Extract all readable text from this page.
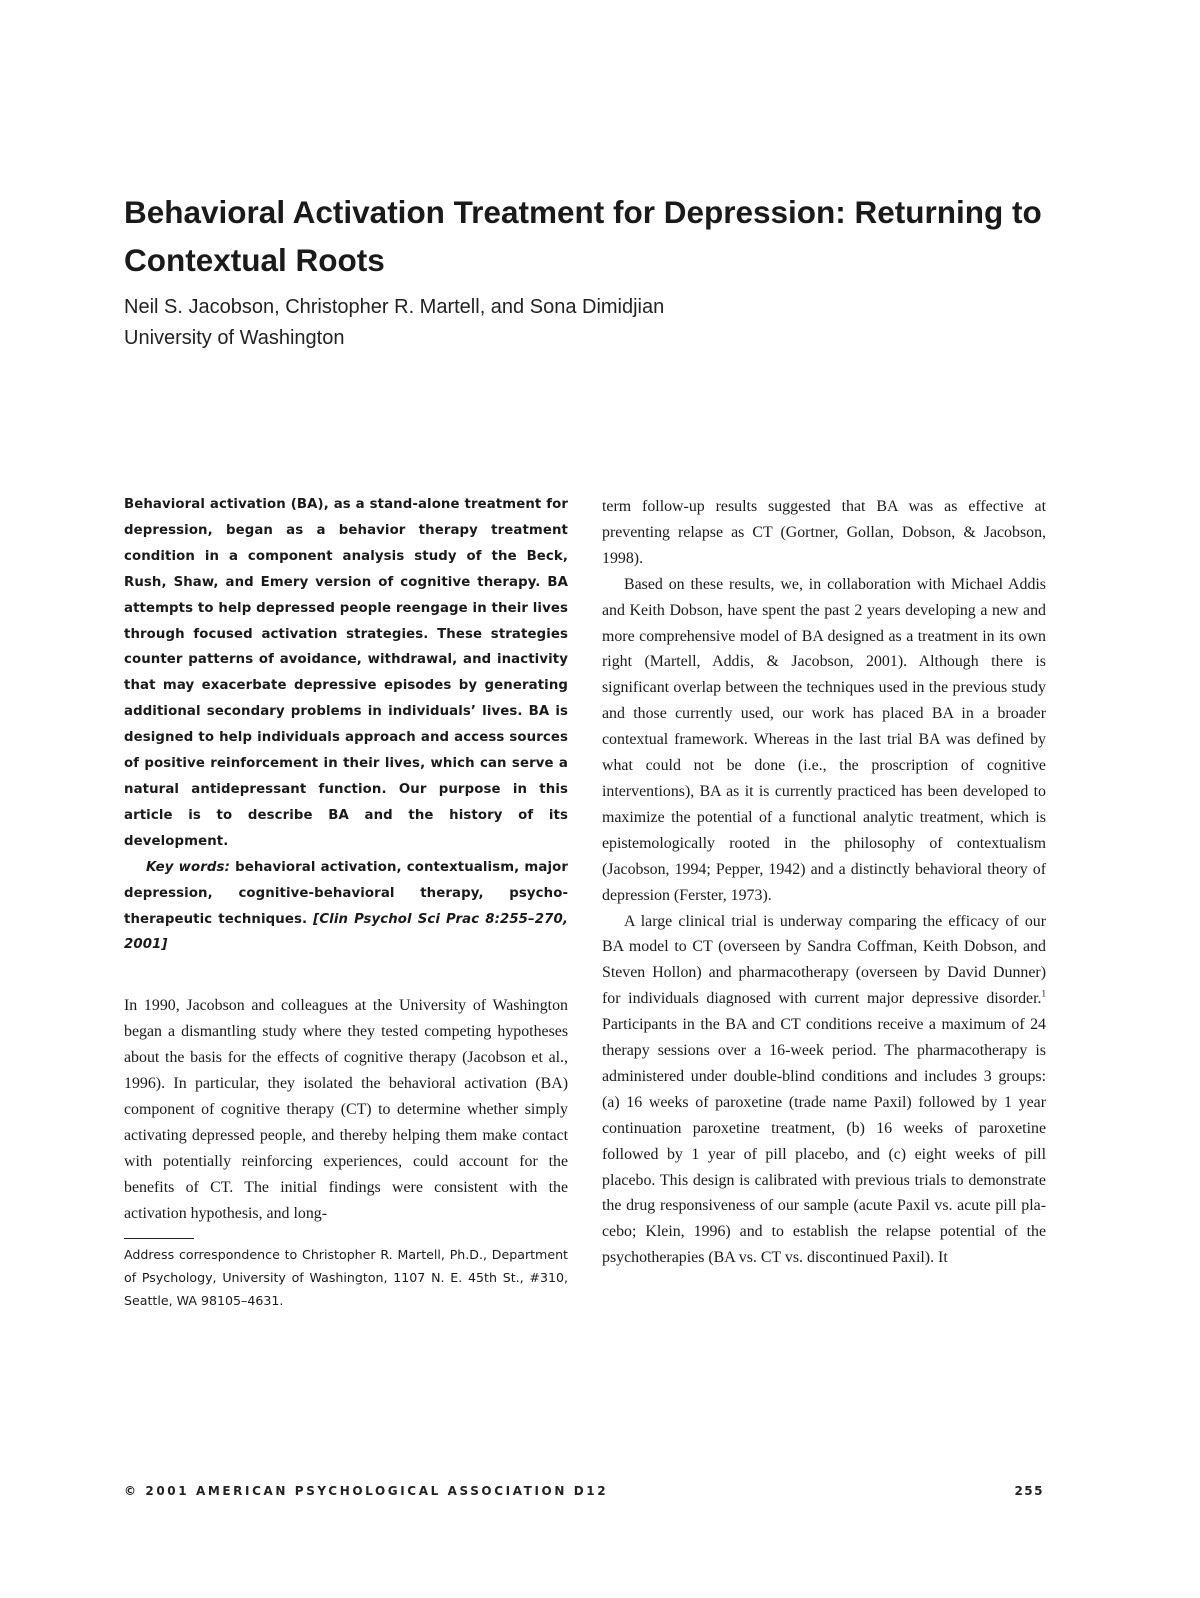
Behavioral Activation Treatment for Depression: Returning to Contextual Roots
Neil S. Jacobson, Christopher R. Martell, and Sona Dimidjian
University of Washington

Behavioral activation (BA), as a stand-alone treatment for depression, began as a behavior therapy treatment condition in a component analysis study of the Beck, Rush, Shaw, and Emery version of cognitive therapy. BA attempts to help depressed people reengage in their lives through focused activation strategies. These strategies counter patterns of avoidance, withdrawal, and inactivity that may exacerbate depressive episodes by generating additional secondary problems in individuals’ lives. BA is designed to help individuals approach and access sources of positive reinforcement in their lives, which can serve a natural antidepressant function. Our purpose in this article is to describe BA and the history of its development.

Key words: behavioral activation, contextualism, major depression, cognitive-behavioral therapy, psychotherapeutic techniques. [Clin Psychol Sci Prac 8:255–270, 2001]

In 1990, Jacobson and colleagues at the University of Washington began a dismantling study where they tested competing hypotheses about the basis for the effects of cognitive therapy (Jacobson et al., 1996). In particular, they isolated the behavioral activation (BA) component of cognitive therapy (CT) to determine whether simply activating depressed people, and thereby helping them make contact with potentially reinforcing experiences, could account for the benefits of CT. The initial findings were consistent with the activation hypothesis, and long-

Address correspondence to Christopher R. Martell, Ph.D., Department of Psychology, University of Washington, 1107 N. E. 45th St., #310, Seattle, WA 98105–4631.

term follow-up results suggested that BA was as effective at preventing relapse as CT (Gortner, Gollan, Dobson, & Jacobson, 1998).

Based on these results, we, in collaboration with Michael Addis and Keith Dobson, have spent the past 2 years developing a new and more comprehensive model of BA designed as a treatment in its own right (Martell, Addis, & Jacobson, 2001). Although there is significant overlap between the techniques used in the previous study and those currently used, our work has placed BA in a broader contextual framework. Whereas in the last trial BA was defined by what could not be done (i.e., the proscription of cognitive interventions), BA as it is currently practiced has been developed to maximize the potential of a functional analytic treatment, which is epistemologically rooted in the philosophy of contextualism (Jacobson, 1994; Pepper, 1942) and a distinctly behavioral theory of depression (Ferster, 1973).

A large clinical trial is underway comparing the efficacy of our BA model to CT (overseen by Sandra Coffman, Keith Dobson, and Steven Hollon) and pharmacotherapy (overseen by David Dunner) for individuals diagnosed with current major depressive disorder.$^1$ Participants in the BA and CT conditions receive a maximum of 24 therapy sessions over a 16-week period. The pharmacotherapy is administered under double-blind conditions and includes 3 groups: (a) 16 weeks of paroxetine (trade name Paxil) followed by 1 year continuation paroxetine treatment, (b) 16 weeks of paroxetine followed by 1 year of pill placebo, and (c) eight weeks of pill placebo. This design is calibrated with previous trials to demonstrate the drug responsiveness of our sample (acute Paxil vs. acute pill placebo; Klein, 1996) and to establish the relapse potential of the psychotherapies (BA vs. CT vs. discontinued Paxil). It

© 2001 AMERICAN PSYCHOLOGICAL ASSOCIATION D12	255
